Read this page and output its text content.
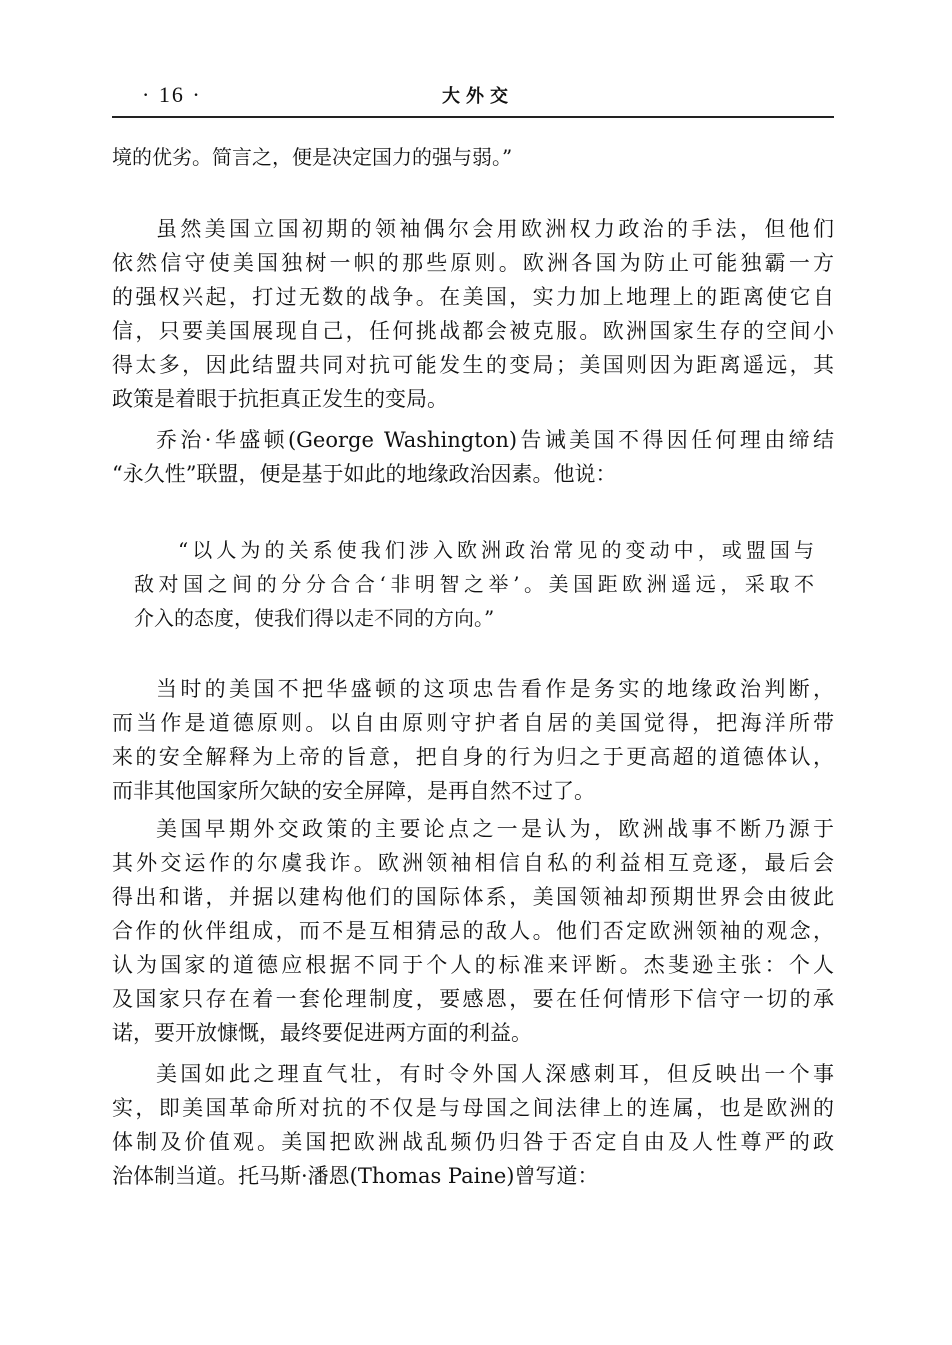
· 16 ·	大外交
境的优劣。简言之，便是决定国力的强与弱。”
虽然美国立国初期的领袖偶尔会用欧洲权力政治的手法，但他们
依然信守使美国独树一帜的那些原则。欧洲各国为防止可能独霸一方
的强权兴起，打过无数的战争。在美国，实力加上地理上的距离使它自
信，只要美国展现自己，任何挑战都会被克服。欧洲国家生存的空间小
得太多，因此结盟共同对抗可能发生的变局；美国则因为距离遥远，其
政策是着眼于抗拒真正发生的变局。
乔治·华盛顿(George Washington)告诫美国不得因任何理由缔结
“永久性”联盟，便是基于如此的地缘政治因素。他说：
“以人为的关系使我们涉入欧洲政治常见的变动中，或盟国与
敌对国之间的分分合合‘非明智之举’。美国距欧洲遥远，采取不
介入的态度，使我们得以走不同的方向。”
当时的美国不把华盛顿的这项忠告看作是务实的地缘政治判断，
而当作是道德原则。以自由原则守护者自居的美国觉得，把海洋所带
来的安全解释为上帝的旨意，把自身的行为归之于更高超的道德体认，
而非其他国家所欠缺的安全屏障，是再自然不过了。
美国早期外交政策的主要论点之一是认为，欧洲战事不断乃源于
其外交运作的尔虞我诈。欧洲领袖相信自私的利益相互竞逐，最后会
得出和谐，并据以建构他们的国际体系，美国领袖却预期世界会由彼此
合作的伙伴组成，而不是互相猜忌的敌人。他们否定欧洲领袖的观念，
认为国家的道德应根据不同于个人的标准来评断。杰斐逊主张：个人
及国家只存在着一套伦理制度，要感恩，要在任何情形下信守一切的承
诺，要开放慷慨，最终要促进两方面的利益。
美国如此之理直气壮，有时令外国人深感刺耳，但反映出一个事
实，即美国革命所对抗的不仅是与母国之间法律上的连属，也是欧洲的
体制及价值观。美国把欧洲战乱频仍归咎于否定自由及人性尊严的政
治体制当道。托马斯·潘恩(Thomas Paine)曾写道：
